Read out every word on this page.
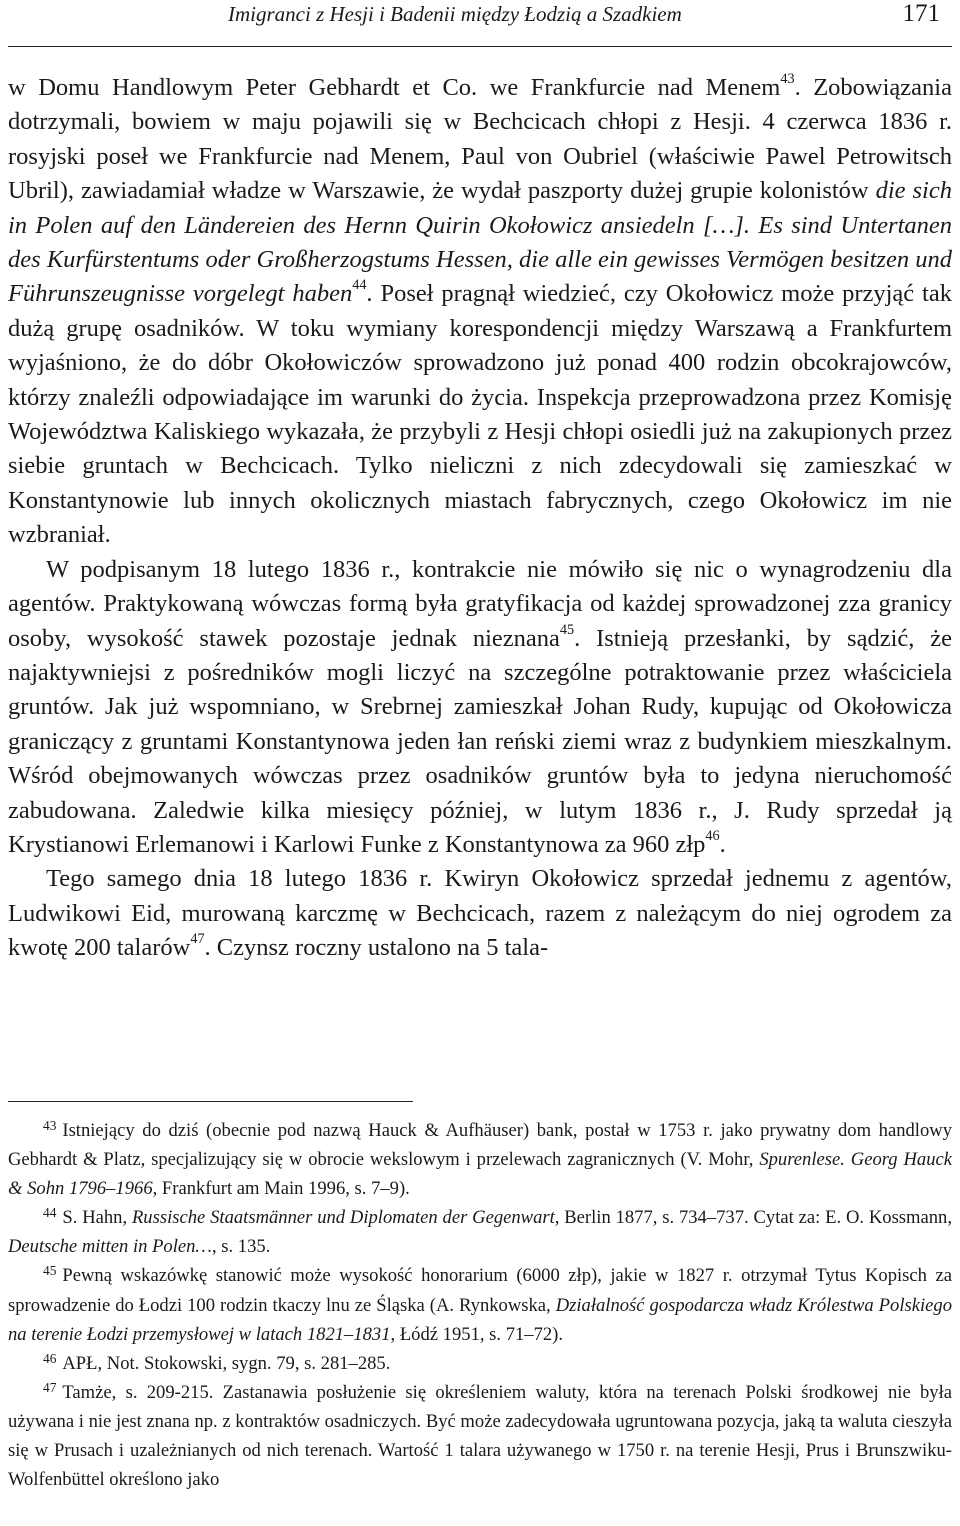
Imigranci z Hesji i Badenii między Łodzią a Szadkiem	171

w Domu Handlowym Peter Gebhardt et Co. we Frankfurcie nad Menem$^{43}$. Zobowiązania dotrzymali, bowiem w maju pojawili się w Bechcicach chłopi z Hesji. 4 czerwca 1836 r. rosyjski poseł we Frankfurcie nad Menem, Paul von Oubriel (właściwie Pawel Petrowitsch Ubril), zawiadamiał władze w Warszawie, że wydał paszporty dużej grupie kolonistów die sich in Polen auf den Ländereien des Hernn Quirin Okołowicz ansiedeln […]. Es sind Untertanen des Kurfürstentums oder Großherzogstums Hessen, die alle ein gewisses Vermögen besitzen und Führunszeugnisse vorgelegt haben$^{44}$. Poseł pragnął wiedzieć, czy Okołowicz może przyjąć tak dużą grupę osadników. W toku wymiany korespondencji między Warszawą a Frankfurtem wyjaśniono, że do dóbr Okołowiczów sprowadzono już ponad 400 rodzin obcokrajowców, którzy znaleźli odpowiadające im warunki do życia. Inspekcja przeprowadzona przez Komisję Województwa Kaliskiego wykazała, że przybyli z Hesji chłopi osiedli już na zakupionych przez siebie gruntach w Bechcicach. Tylko nieliczni z nich zdecydowali się zamieszkać w Konstantynowie lub innych okolicznych miastach fabrycznych, czego Okołowicz im nie wzbraniał.

W podpisanym 18 lutego 1836 r., kontrakcie nie mówiło się nic o wynagrodzeniu dla agentów. Praktykowaną wówczas formą była gratyfikacja od każdej sprowadzonej zza granicy osoby, wysokość stawek pozostaje jednak nieznana$^{45}$. Istnieją przesłanki, by sądzić, że najaktywniejsi z pośredników mogli liczyć na szczególne potraktowanie przez właściciela gruntów. Jak już wspomniano, w Srebrnej zamieszkał Johan Rudy, kupując od Okołowicza graniczący z gruntami Konstantynowa jeden łan reński ziemi wraz z budynkiem mieszkalnym. Wśród obejmowanych wówczas przez osadników gruntów była to jedyna nieruchomość zabudowana. Zaledwie kilka miesięcy później, w lutym 1836 r., J. Rudy sprzedał ją Krystianowi Erlemanowi i Karlowi Funke z Konstantynowa za 960 złp$^{46}$.

Tego samego dnia 18 lutego 1836 r. Kwiryn Okołowicz sprzedał jednemu z agentów, Ludwikowi Eid, murowaną karczmę w Bechcicach, razem z należącym do niej ogrodem za kwotę 200 talarów$^{47}$. Czynsz roczny ustalono na 5 tala-

$^{43}$ Istniejący do dziś (obecnie pod nazwą Hauck & Aufhäuser) bank, postał w 1753 r. jako prywatny dom handlowy Gebhardt & Platz, specjalizujący się w obrocie wekslowym i przelewach zagranicznych (V. Mohr, Spurenlese. Georg Hauck & Sohn 1796–1966, Frankfurt am Main 1996, s. 7–9).

$^{44}$ S. Hahn, Russische Staatsmänner und Diplomaten der Gegenwart, Berlin 1877, s. 734–737. Cytat za: E. O. Kossmann, Deutsche mitten in Polen…, s. 135.

$^{45}$ Pewną wskazówkę stanowić może wysokość honorarium (6000 złp), jakie w 1827 r. otrzymał Tytus Kopisch za sprowadzenie do Łodzi 100 rodzin tkaczy lnu ze Śląska (A. Rynkowska, Działalność gospodarcza władz Królestwa Polskiego na terenie Łodzi przemysłowej w latach 1821–1831, Łódź 1951, s. 71–72).

$^{46}$ APŁ, Not. Stokowski, sygn. 79, s. 281–285.

$^{47}$ Tamże, s. 209-215. Zastanawia posłużenie się określeniem waluty, która na terenach Polski środkowej nie była używana i nie jest znana np. z kontraktów osadniczych. Być może zadecydowała ugruntowana pozycja, jaką ta waluta cieszyła się w Prusach i uzależnianych od nich terenach. Wartość 1 talara używanego w 1750 r. na terenie Hesji, Prus i Brunszwiku-Wolfenbüttel określono jako
